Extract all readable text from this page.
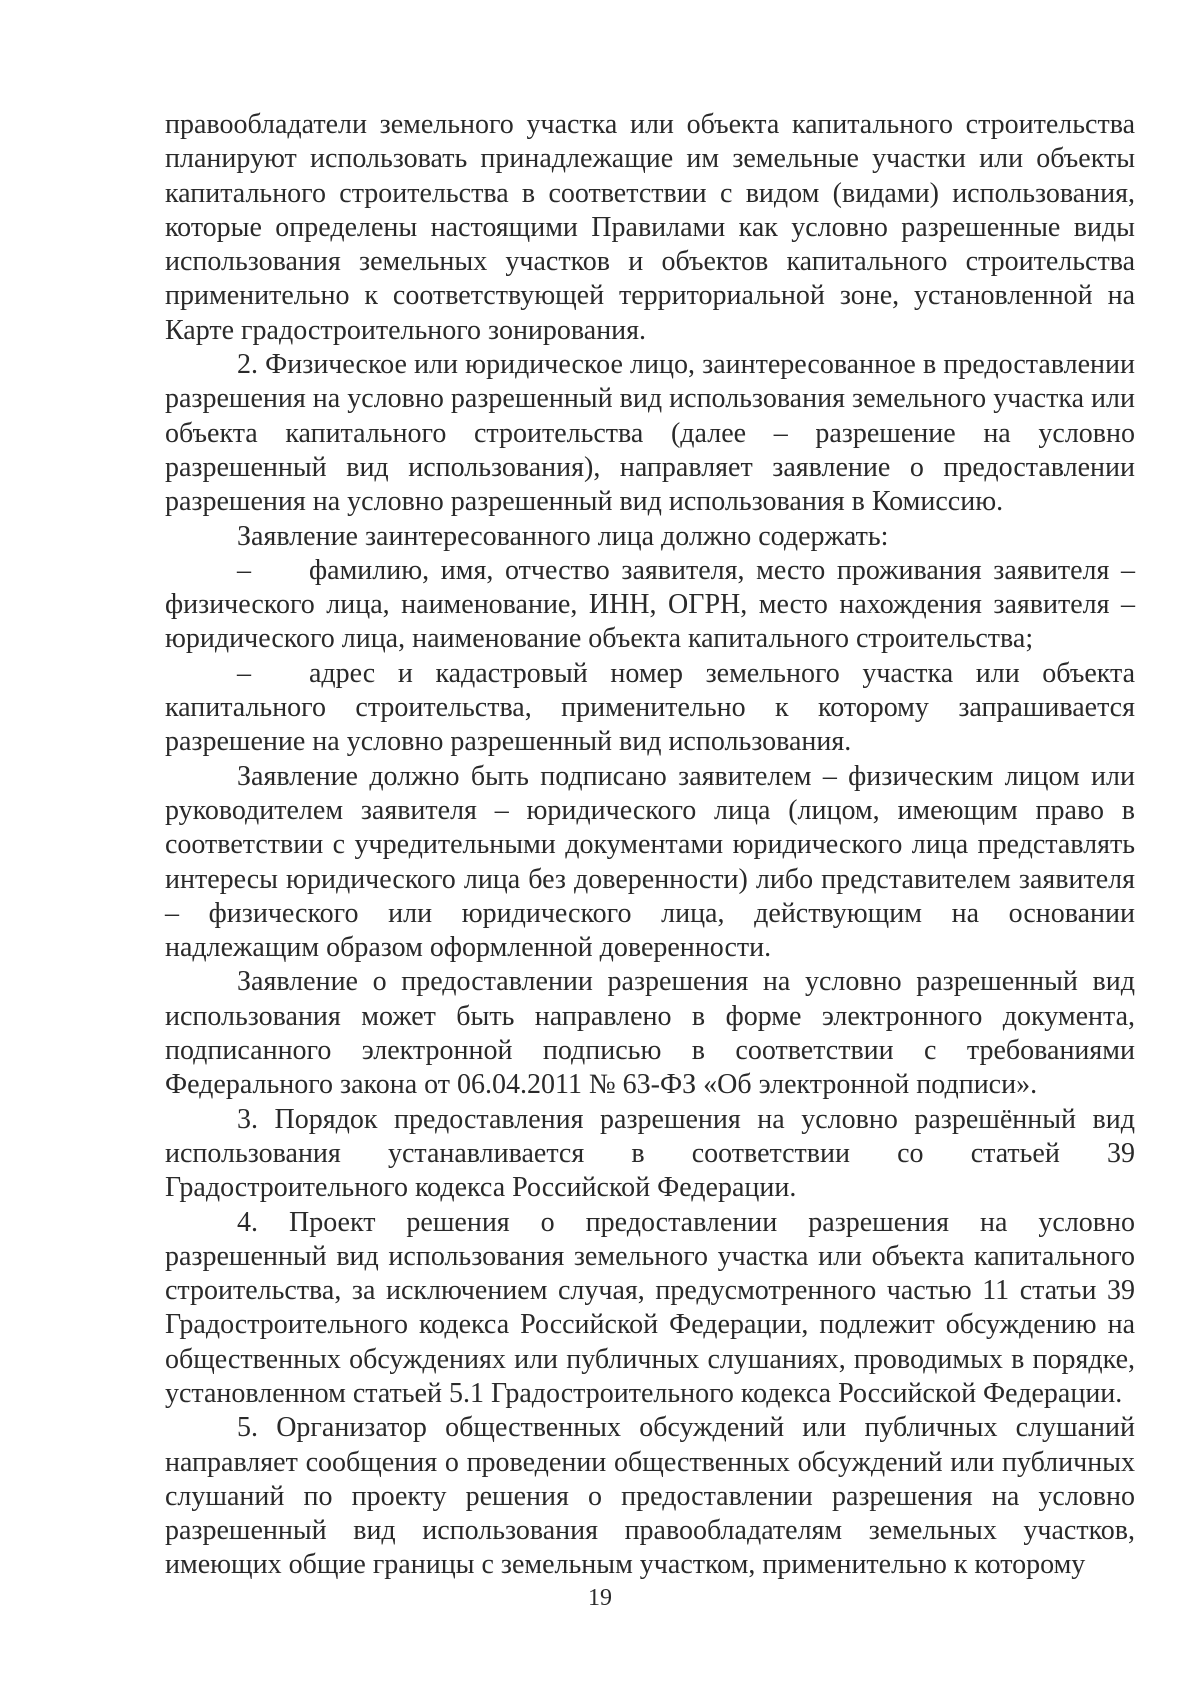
правообладатели земельного участка или объекта капитального строительства планируют использовать принадлежащие им земельные участки или объекты капитального строительства в соответствии с видом (видами) использования, которые определены настоящими Правилами как условно разрешенные виды использования земельных участков и объектов капитального строительства применительно к соответствующей территориальной зоне, установленной на Карте градостроительного зонирования.

2. Физическое или юридическое лицо, заинтересованное в предоставлении разрешения на условно разрешенный вид использования земельного участка или объекта капитального строительства (далее – разрешение на условно разрешенный вид использования), направляет заявление о предоставлении разрешения на условно разрешенный вид использования в Комиссию.

Заявление заинтересованного лица должно содержать:

– фамилию, имя, отчество заявителя, место проживания заявителя – физического лица, наименование, ИНН, ОГРН, место нахождения заявителя – юридического лица, наименование объекта капитального строительства;

– адрес и кадастровый номер земельного участка или объекта капитального строительства, применительно к которому запрашивается разрешение на условно разрешенный вид использования.

Заявление должно быть подписано заявителем – физическим лицом или руководителем заявителя – юридического лица (лицом, имеющим право в соответствии с учредительными документами юридического лица представлять интересы юридического лица без доверенности) либо представителем заявителя – физического или юридического лица, действующим на основании надлежащим образом оформленной доверенности.

Заявление о предоставлении разрешения на условно разрешенный вид использования может быть направлено в форме электронного документа, подписанного электронной подписью в соответствии с требованиями Федерального закона от 06.04.2011 № 63-ФЗ «Об электронной подписи».

3. Порядок предоставления разрешения на условно разрешённый вид использования устанавливается в соответствии со статьей 39 Градостроительного кодекса Российской Федерации.

4. Проект решения о предоставлении разрешения на условно разрешенный вид использования земельного участка или объекта капитального строительства, за исключением случая, предусмотренного частью 11 статьи 39 Градостроительного кодекса Российской Федерации, подлежит обсуждению на общественных обсуждениях или публичных слушаниях, проводимых в порядке, установленном статьей 5.1 Градостроительного кодекса Российской Федерации.

5. Организатор общественных обсуждений или публичных слушаний направляет сообщения о проведении общественных обсуждений или публичных слушаний по проекту решения о предоставлении разрешения на условно разрешенный вид использования правообладателям земельных участков, имеющих общие границы с земельным участком, применительно к которому

19
